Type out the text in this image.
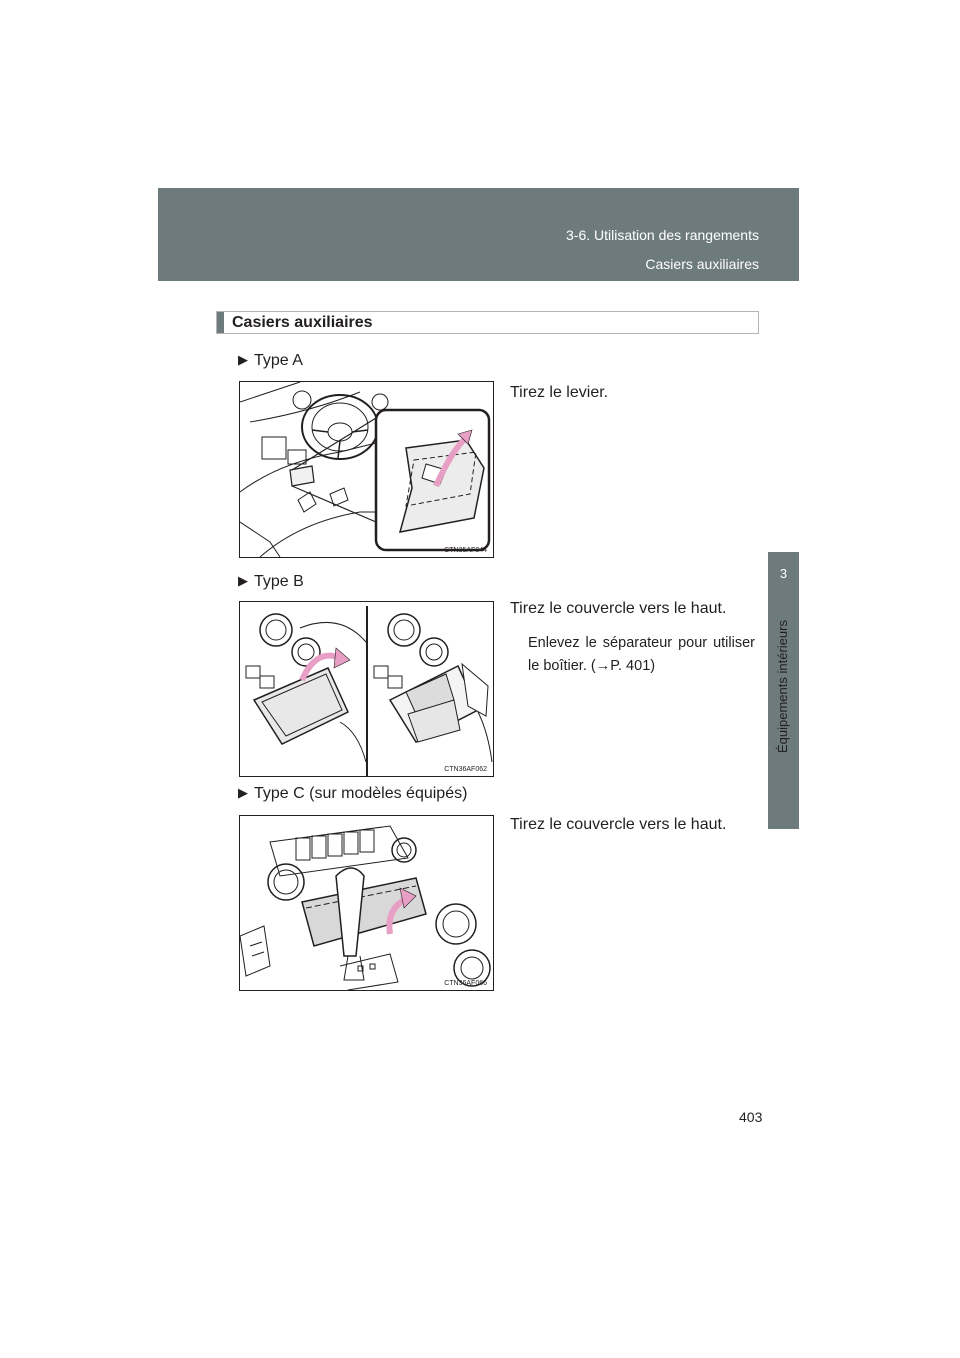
3-6. Utilisation des rangements
Casiers auxiliaires
3
Équipements intérieurs
Casiers auxiliaires
▶ Type A
Tirez le levier.
CTN35AF044
▶ Type B
Tirez le couvercle vers le haut.
Enlevez le séparateur pour utiliser le boîtier. (→P. 401)
CTN36AF062
▶ Type C (sur modèles équipés)
Tirez le couvercle vers le haut.
CTN36AF066
403
